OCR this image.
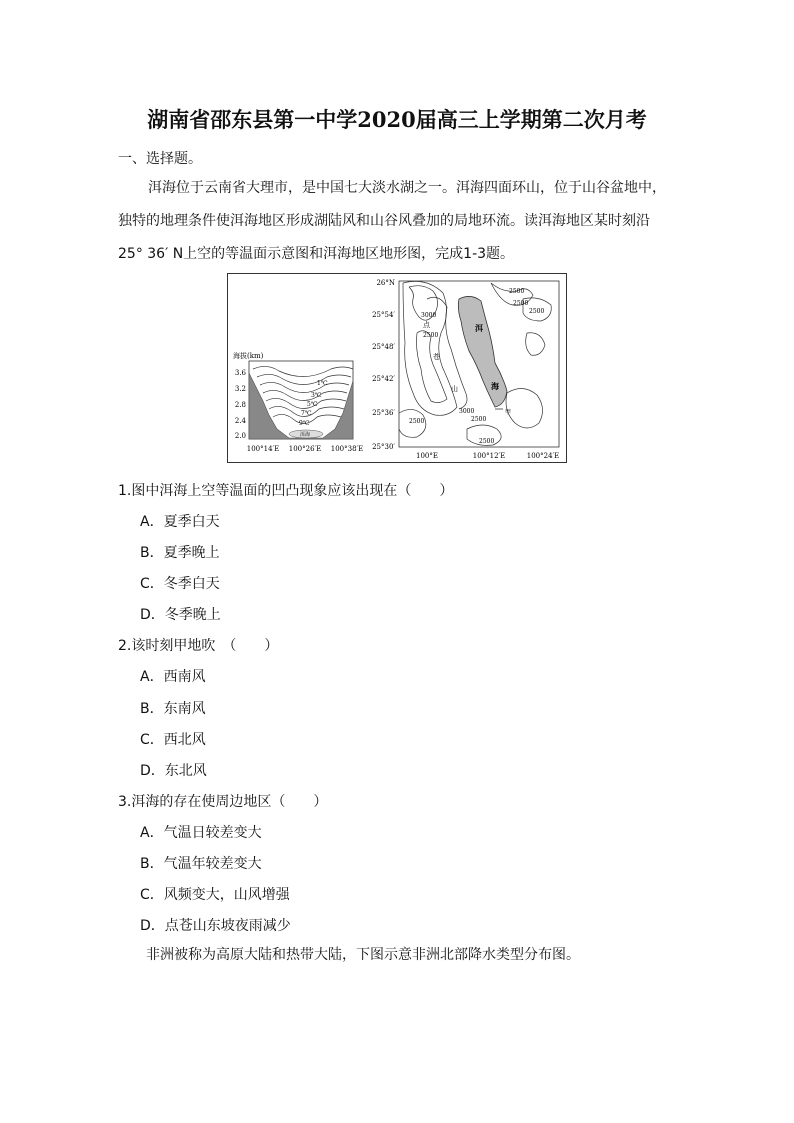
湖南省邵东县第一中学2020届高三上学期第二次月考
一、选择题。

洱海位于云南省大理市，是中国七大淡水湖之一。洱海四面环山，位于山谷盆地中，

独特的地理条件使洱海地区形成湖陆风和山谷风叠加的局地环流。读洱海地区某时刻沿

25° 36′ N上空的等温面示意图和洱海地区地形图，完成1-3题。

海拔(km)
洱海
1℃
3℃
5℃
7℃
9℃
3.6
3.2
2.8
2.4
2.0
100°14′E 100°26′E 100°38′E
洱
海
甲
点
苍
山
2500
2500
2500
3000
2500
3000
2500
2500
2500
26°N
25°54′
25°48′
25°42′
25°36′
25°30′
100°E	100°12′E	100°24′E
1.图中洱海上空等温面的凹凸现象应该出现在（　　）
A．夏季白天
B．夏季晚上
C．冬季白天
D．冬季晚上
2.该时刻甲地吹　（　　）
A．西南风
B．东南风
C．西北风
D．东北风
3.洱海的存在使周边地区（　　）
A．气温日较差变大
B．气温年较差变大
C．风频变大，山风增强
D．点苍山东坡夜雨减少
非洲被称为高原大陆和热带大陆，下图示意非洲北部降水类型分布图。
